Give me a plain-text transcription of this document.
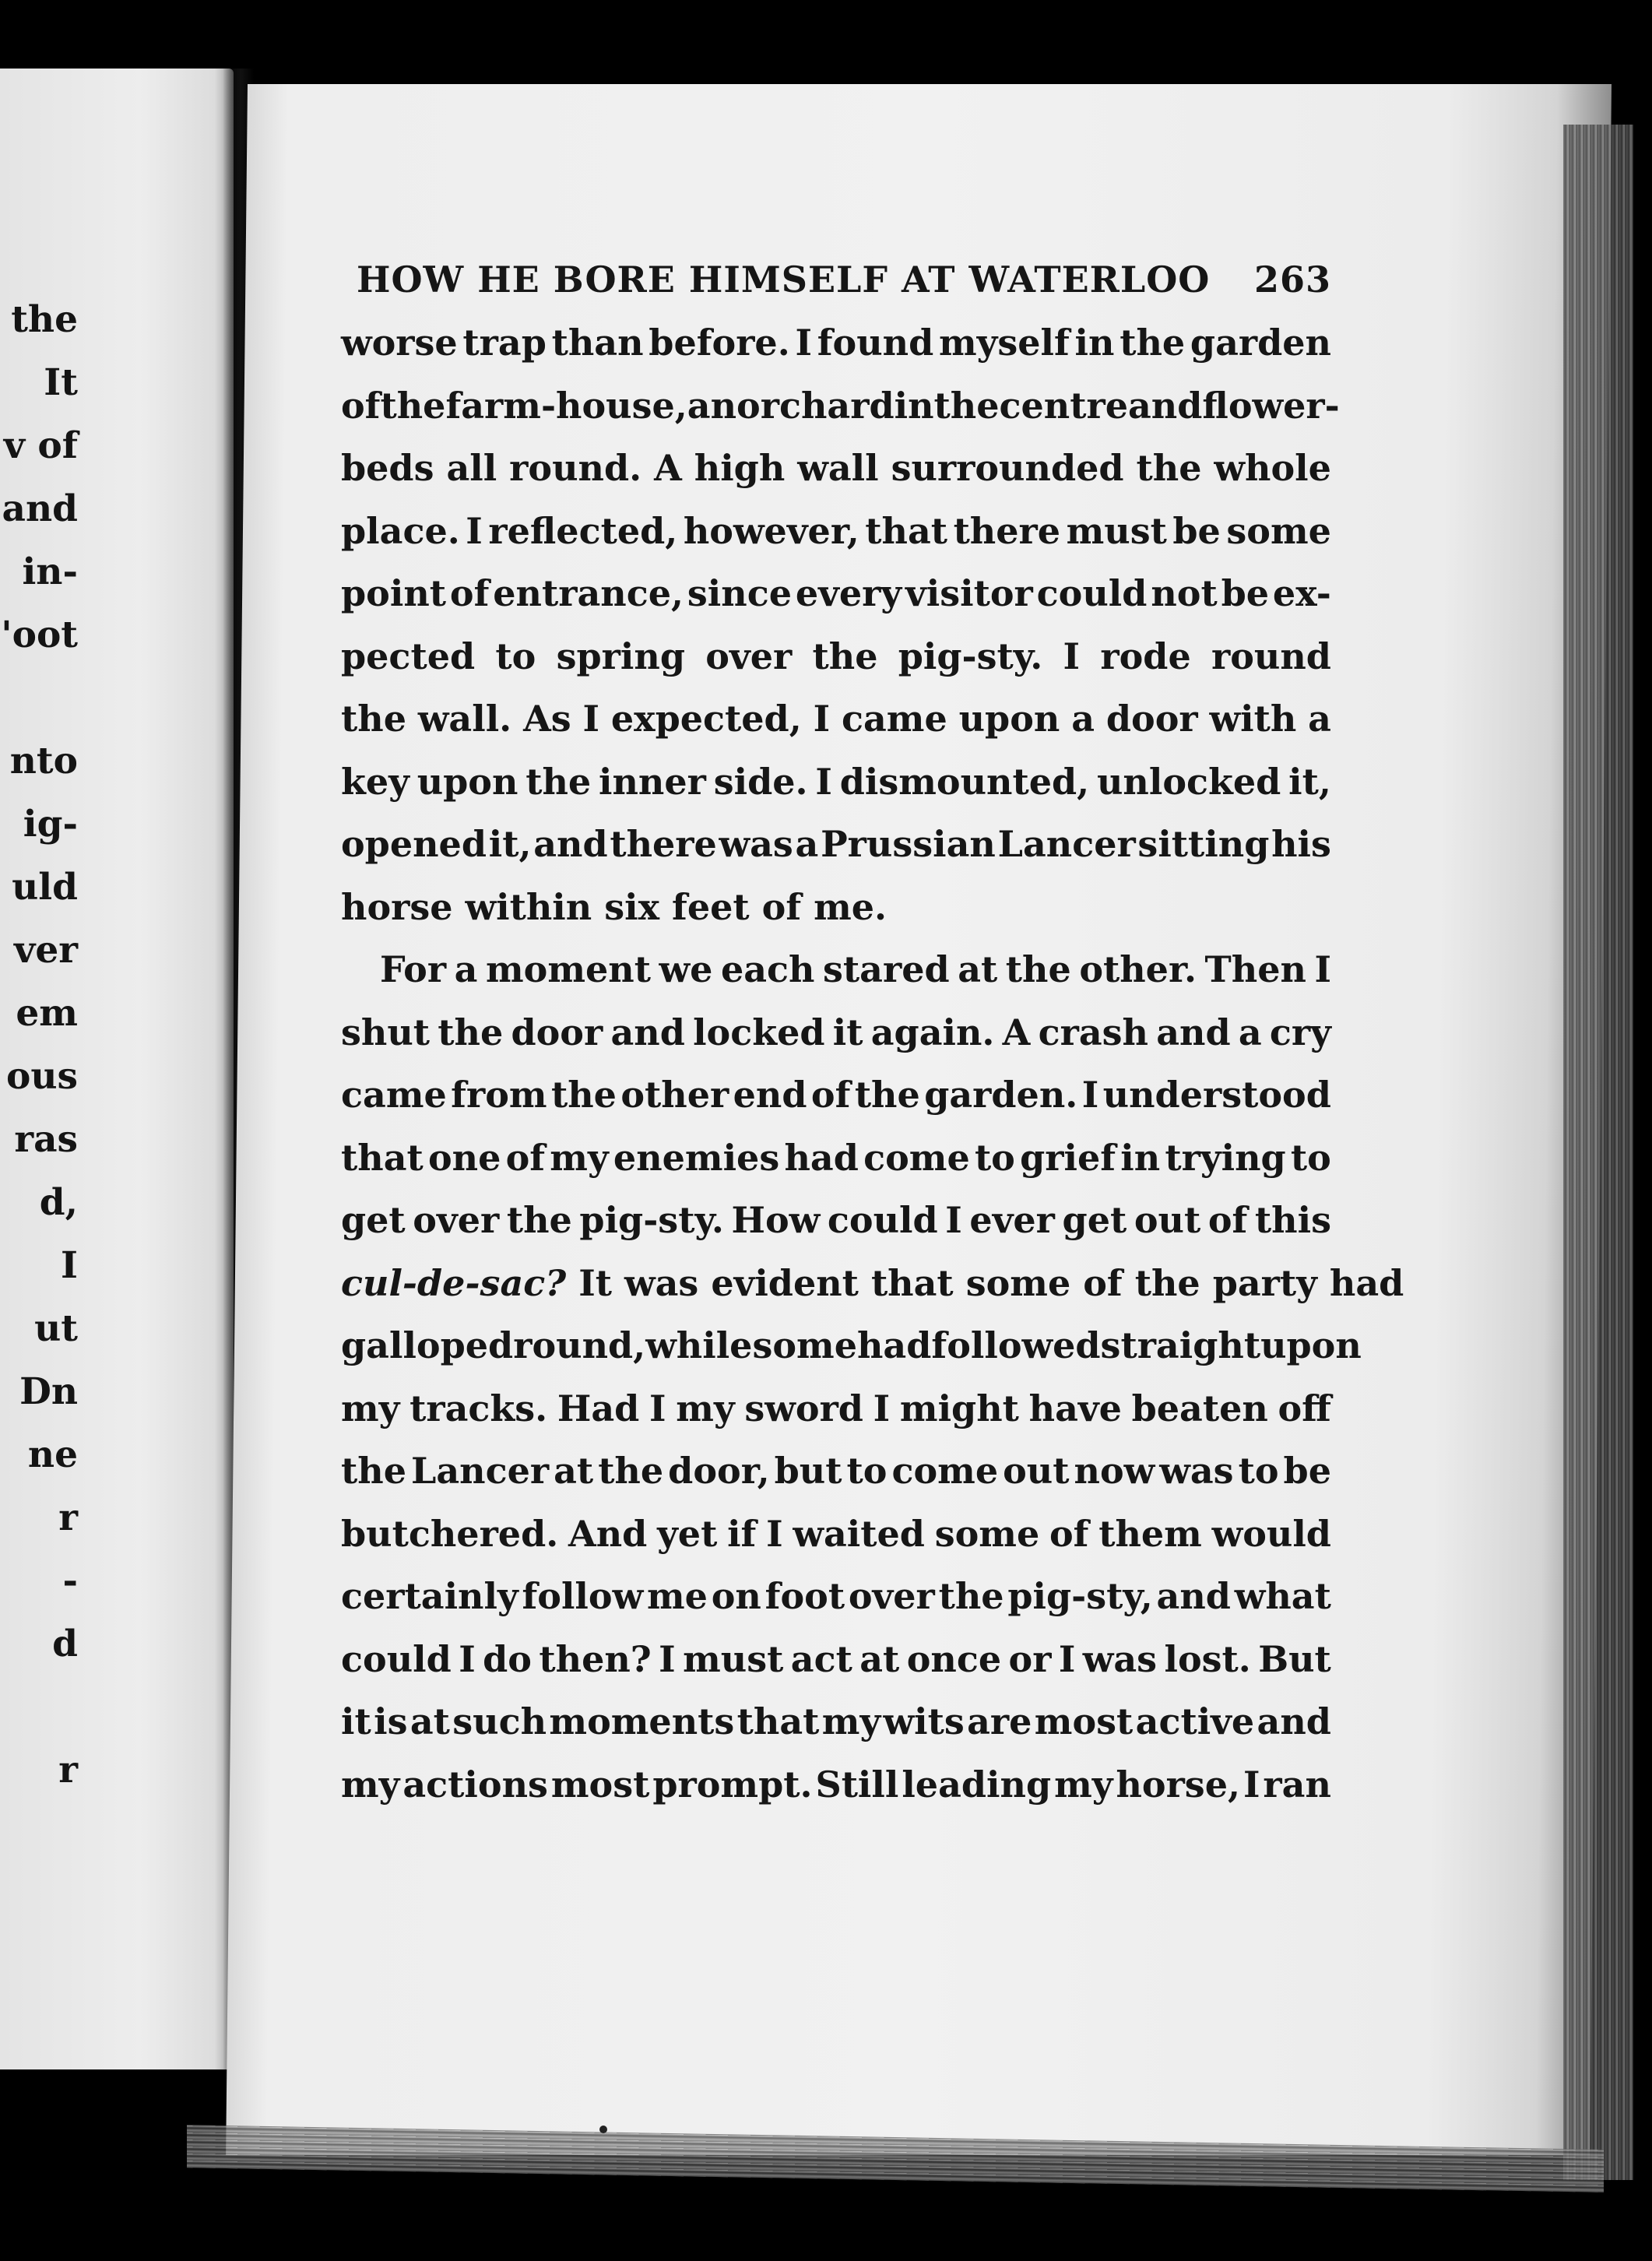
the
It
v of
and
in-
'oot
nto
ig-
uld
ver
em
ous
ras
d,
I
ut
Dn
ne
r
-
d
r
HOW HE BORE HIMSELF AT WATERLOO 263
worse trap than before. I found myself in the garden
of the farm-house, an orchard in the centre and flower-
beds all round. A high wall surrounded the whole
place. I reflected, however, that there must be some
point of entrance, since every visitor could not be ex-
pected to spring over the pig-sty. I rode round
the wall. As I expected, I came upon a door with a
key upon the inner side. I dismounted, unlocked it,
opened it, and there was a Prussian Lancer sitting his
horse within six feet of me.
For a moment we each stared at the other. Then I
shut the door and locked it again. A crash and a cry
came from the other end of the garden. I understood
that one of my enemies had come to grief in trying to
get over the pig-sty. How could I ever get out of this
cul-de-sac? It was evident that some of the party had
galloped round, while some had followed straight upon
my tracks. Had I my sword I might have beaten off
the Lancer at the door, but to come out now was to be
butchered. And yet if I waited some of them would
certainly follow me on foot over the pig-sty, and what
could I do then? I must act at once or I was lost. But
it is at such moments that my wits are most active and
my actions most prompt. Still leading my horse, I ran
